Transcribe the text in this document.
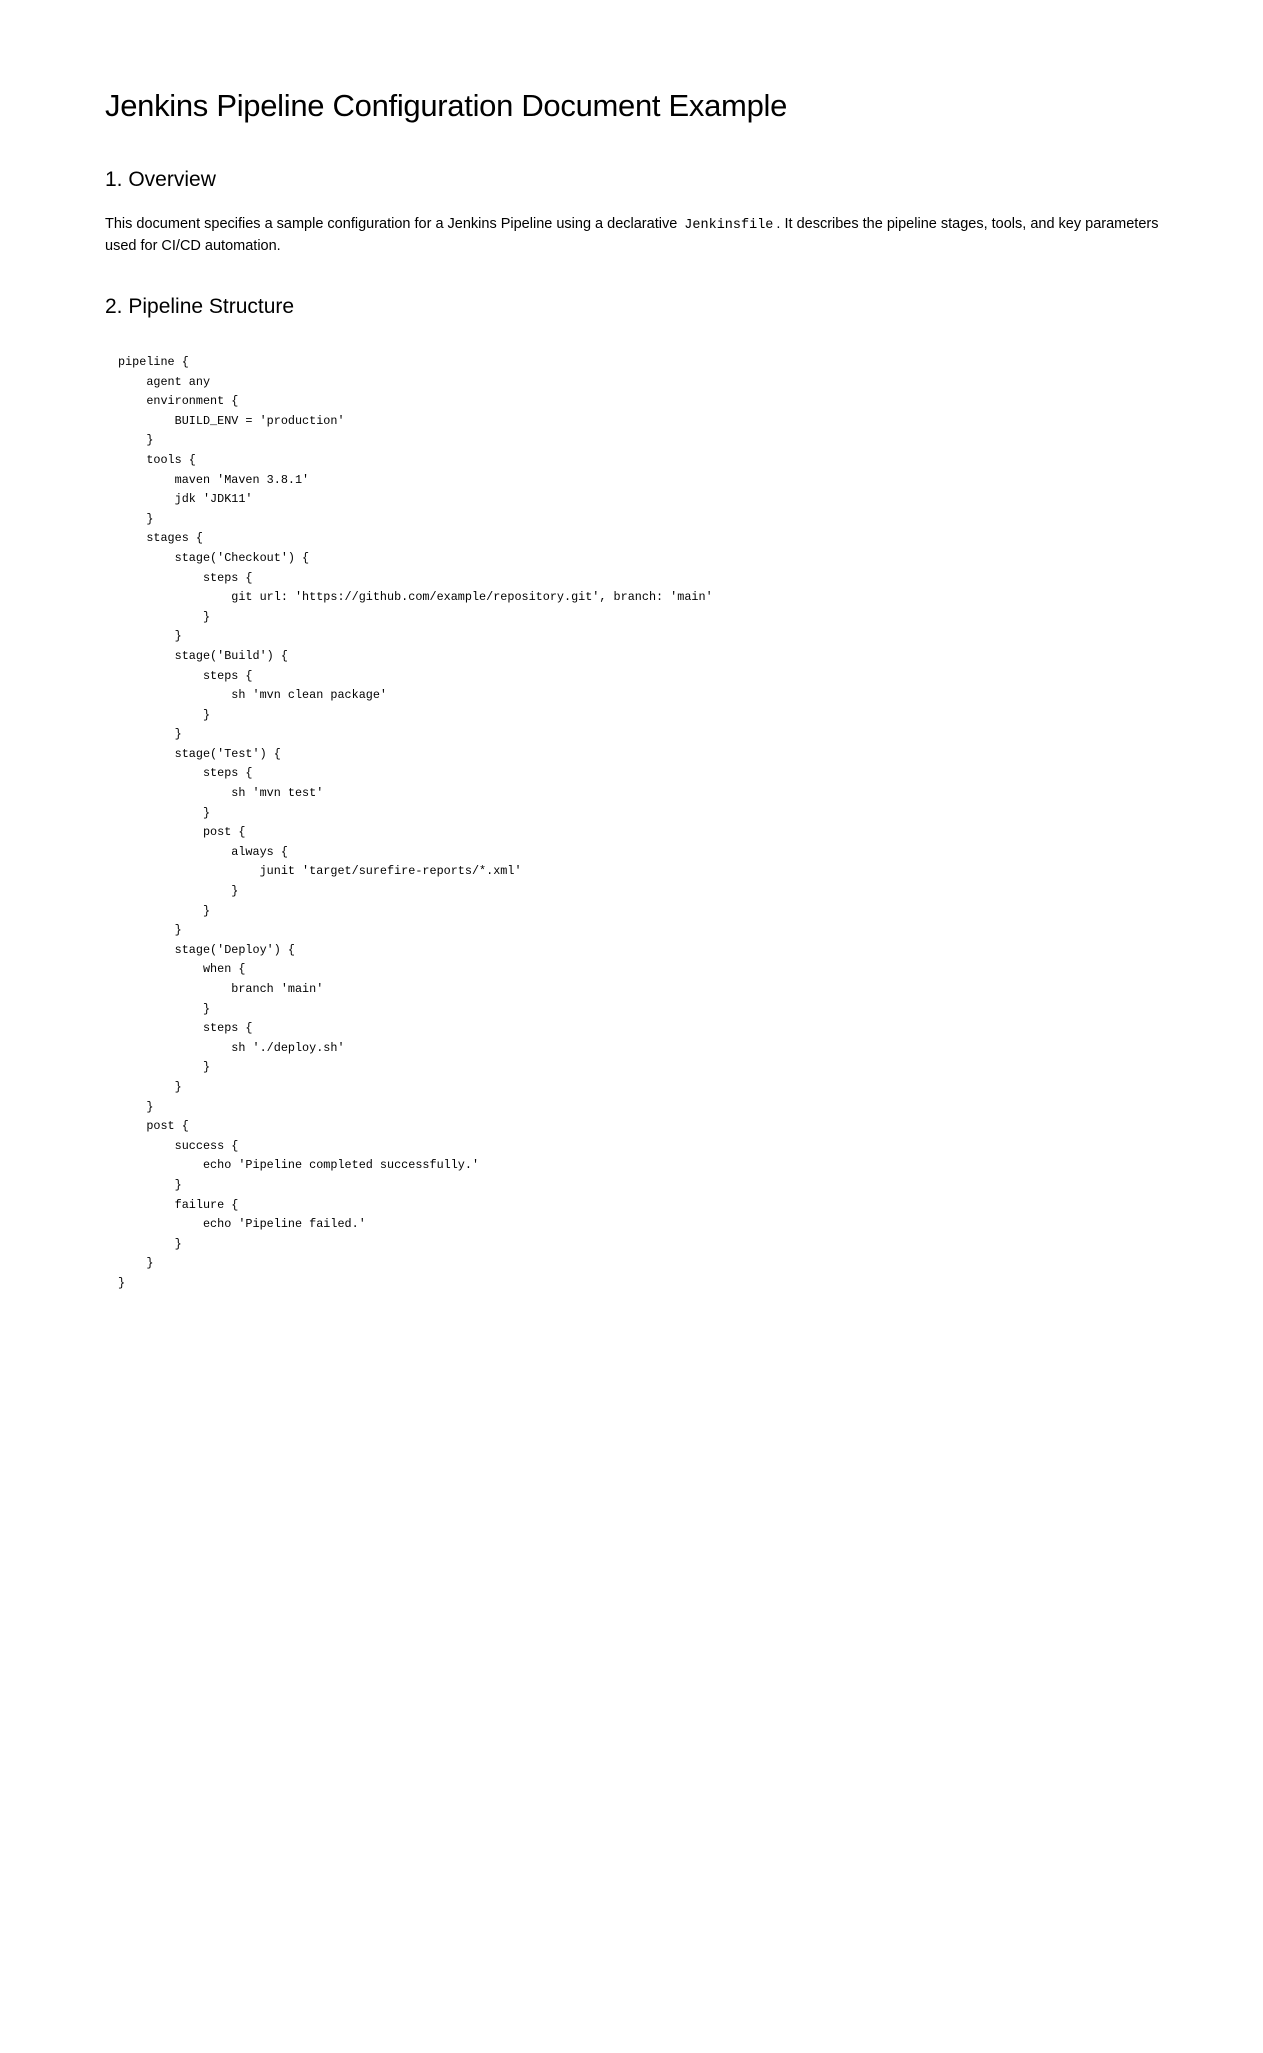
Jenkins Pipeline Configuration Document Example
1. Overview

This document specifies a sample configuration for a Jenkins Pipeline using a declarative Jenkinsfile . It describes the pipeline stages, tools, and key parameters used for CI/CD automation.

2. Pipeline Structure
pipeline {
agent any
environment {
BUILD_ENV = 'production'
}
tools {
maven 'Maven 3.8.1'
jdk 'JDK11'
}
stages {
stage('Checkout') {
steps {
git url: 'https://github.com/example/repository.git', branch: 'main'
}
}
stage('Build') {
steps {
sh 'mvn clean package'
}
}
stage('Test') {
steps {
sh 'mvn test'
}
post {
always {
junit 'target/surefire-reports/*.xml'
}
}
}
stage('Deploy') {
when {
branch 'main'
}
steps {
sh './deploy.sh'
}
}
}
post {
success {
echo 'Pipeline completed successfully.'
}
failure {
echo 'Pipeline failed.'
}
}
}
